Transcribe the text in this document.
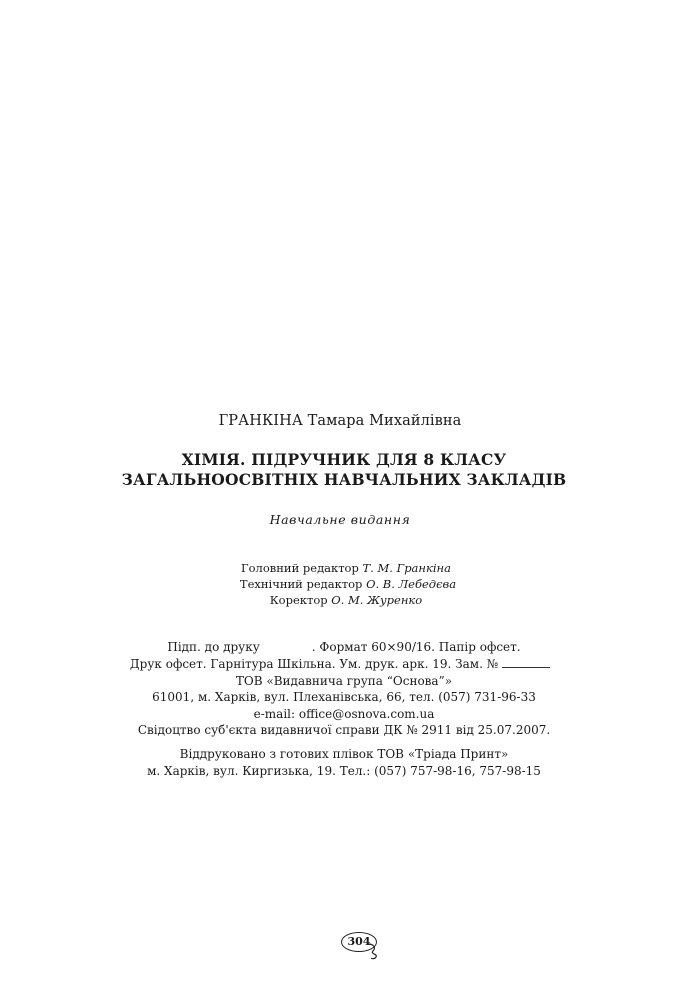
ГРАНКІНА Тамара Михайлівна
ХІМІЯ. ПІДРУЧНИК ДЛЯ 8 КЛАСУ
ЗАГАЛЬНООСВІТНІХ НАВЧАЛЬНИХ ЗАКЛАДІВ
Навчальне видання
Головний редактор Т. М. Гранкіна
Технічний редактор О. В. Лебедєва
Коректор О. М. Журенко
Підп. до друку	. Формат 60×90/16. Папір офсет.
Друк офсет. Гарнітура Шкільна. Ум. друк. арк. 19. Зам. №
ТОВ «Видавнича група “Основа”»
61001, м. Харків, вул. Плеханівська, 66, тел. (057) 731-96-33
e-mail: office@osnova.com.ua
Свідоцтво суб'єкта видавничої справи ДК № 2911 від 25.07.2007.
Віддруковано з готових плівок ТОВ «Тріада Принт»
м. Харків, вул. Киргизька, 19. Тел.: (057) 757-98-16, 757-98-15
304
